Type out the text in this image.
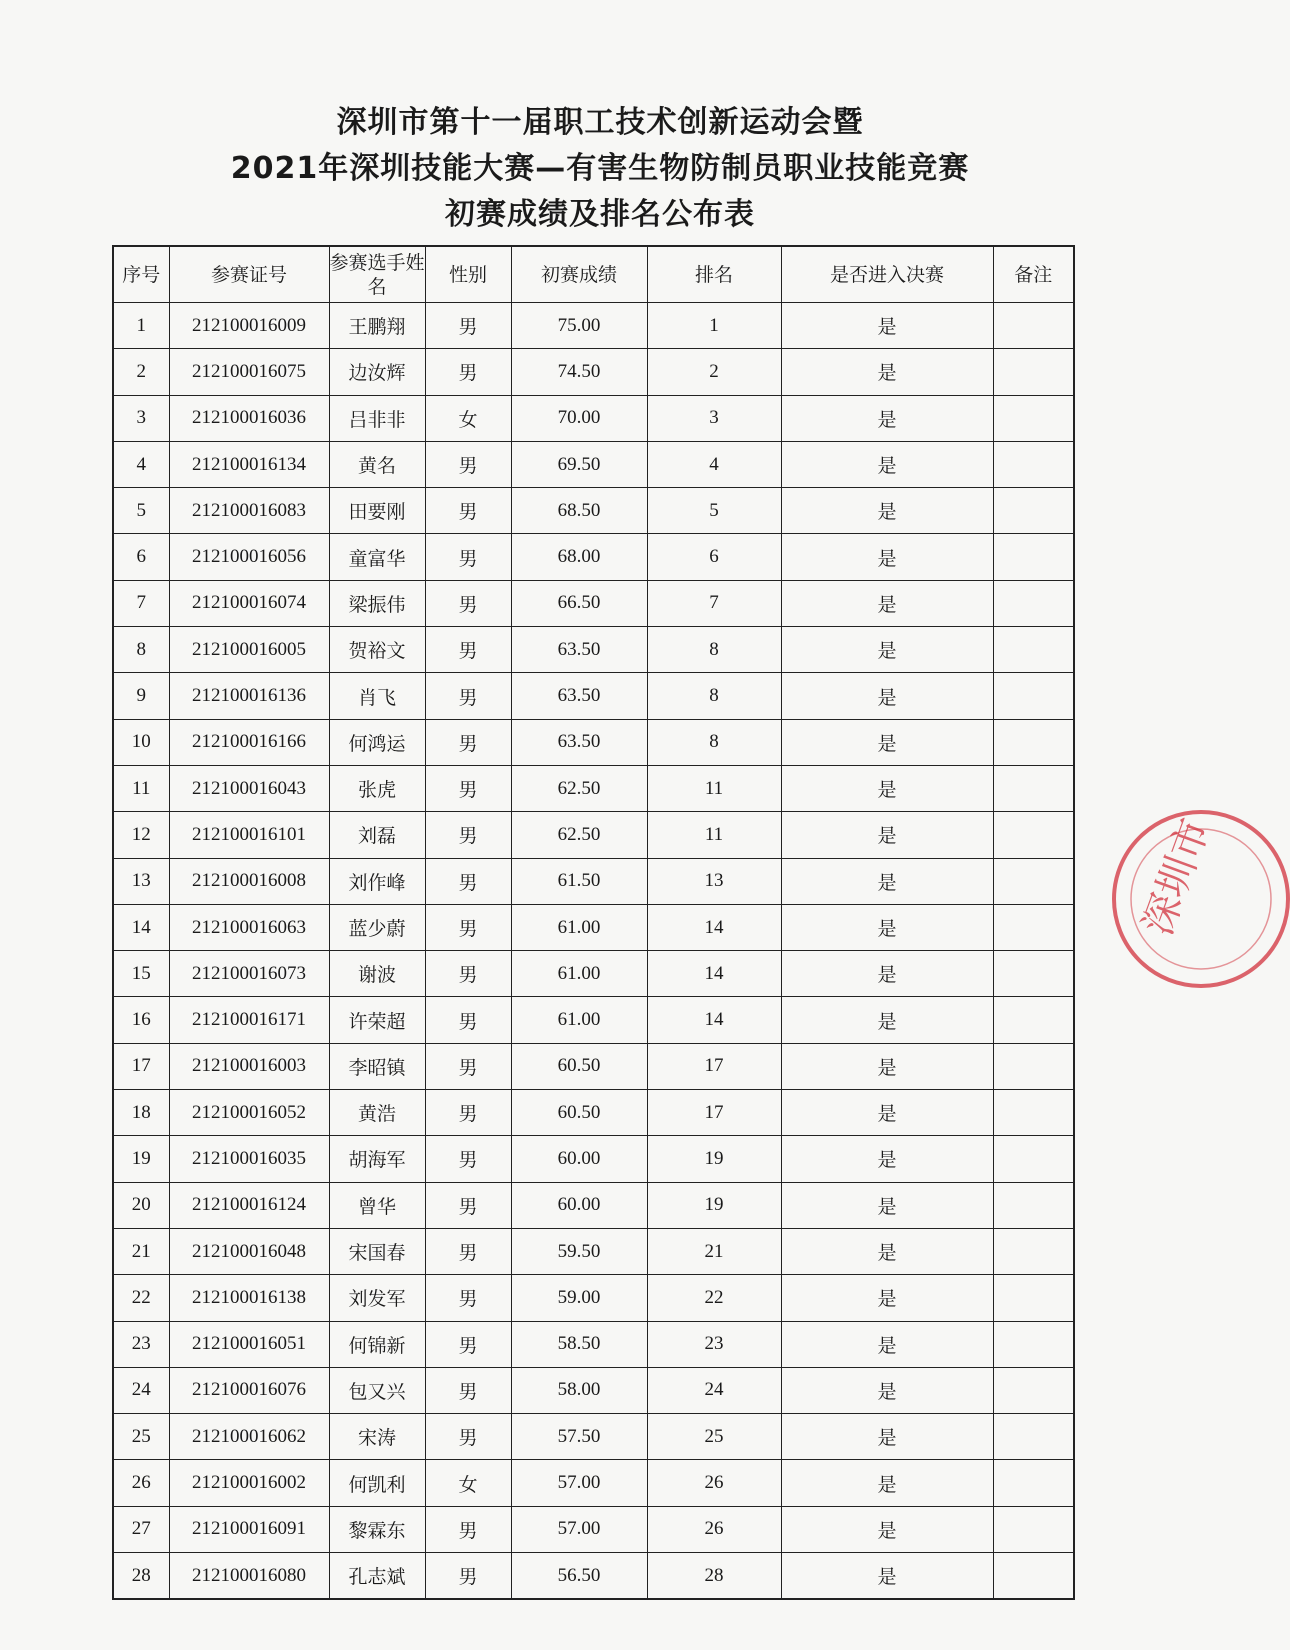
深圳市第十一届职工技术创新运动会暨
2021年深圳技能大赛—有害生物防制员职业技能竞赛
初赛成绩及排名公布表
序号	参赛证号	参赛选手姓名	性别	初赛成绩	排名	是否进入决赛	备注
1	212100016009	王鹏翔	男	75.00	1	是	
2	212100016075	边汝辉	男	74.50	2	是	
3	212100016036	吕非非	女	70.00	3	是	
4	212100016134	黄名	男	69.50	4	是	
5	212100016083	田要刚	男	68.50	5	是	
6	212100016056	童富华	男	68.00	6	是	
7	212100016074	梁振伟	男	66.50	7	是	
8	212100016005	贺裕文	男	63.50	8	是	
9	212100016136	肖飞	男	63.50	8	是	
10	212100016166	何鸿运	男	63.50	8	是	
11	212100016043	张虎	男	62.50	11	是	
12	212100016101	刘磊	男	62.50	11	是	
13	212100016008	刘作峰	男	61.50	13	是	
14	212100016063	蓝少蔚	男	61.00	14	是	
15	212100016073	谢波	男	61.00	14	是	
16	212100016171	许荣超	男	61.00	14	是	
17	212100016003	李昭镇	男	60.50	17	是	
18	212100016052	黄浩	男	60.50	17	是	
19	212100016035	胡海军	男	60.00	19	是	
20	212100016124	曾华	男	60.00	19	是	
21	212100016048	宋国春	男	59.50	21	是	
22	212100016138	刘发军	男	59.00	22	是	
23	212100016051	何锦新	男	58.50	23	是	
24	212100016076	包又兴	男	58.00	24	是	
25	212100016062	宋涛	男	57.50	25	是	
26	212100016002	何凯利	女	57.00	26	是	
27	212100016091	黎霖东	男	57.00	26	是	
28	212100016080	孔志斌	男	56.50	28	是	
深圳市
